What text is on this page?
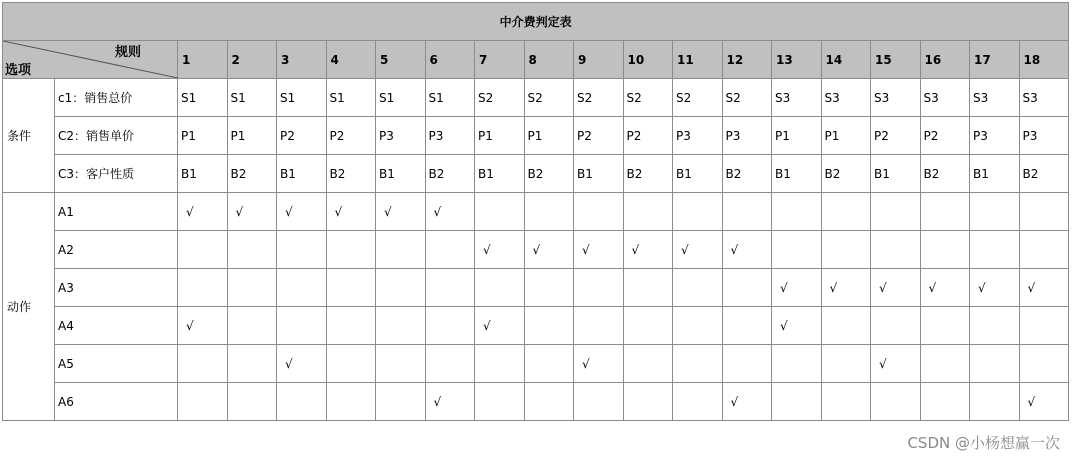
中介费判定表																			

规则
选项		1	2	3	4	5	6	7	8	9	10	11	12	13	14	15	16	17	18
条件	c1：销售总价	S1	S1	S1	S1	S1	S1	S2	S2	S2	S2	S2	S2	S3	S3	S3	S3	S3	S3
	C2：销售单价	P1	P1	P2	P2	P3	P3	P1	P1	P2	P2	P3	P3	P1	P1	P2	P2	P3	P3
	C3：客户性质	B1	B2	B1	B2	B1	B2	B1	B2	B1	B2	B1	B2	B1	B2	B1	B2	B1	B2
动作	A1	√	√	√	√	√	√												
	A2							√	√	√	√	√	√						
	A3													√	√	√	√	√	√
	A4	√						√						√					
	A5			√						√						√			
	A6						√						√						√
CSDN @小杨想赢一次
